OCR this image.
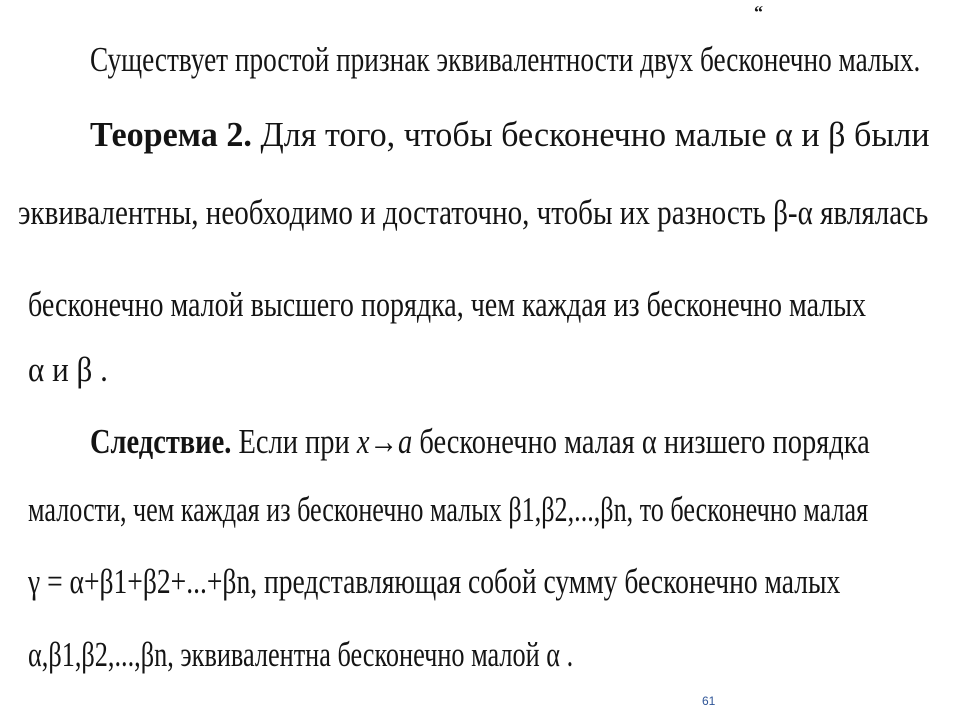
“
Существует простой признак эквивалентности двух бесконечно малых.
Теорема 2. Для того, чтобы бесконечно малые α и β были
эквивалентны, необходимо и достаточно, чтобы их разность β-α являлась
бесконечно малой высшего порядка, чем каждая из бесконечно малых
α и β .
Следствие. Если при x→a бесконечно малая α низшего порядка
малости, чем каждая из бесконечно малых β1,β2,...,βn, то бесконечно малая
γ = α+β1+β2+...+βn, представляющая собой сумму бесконечно малых
α,β1,β2,...,βn, эквивалентна бесконечно малой α .
61
